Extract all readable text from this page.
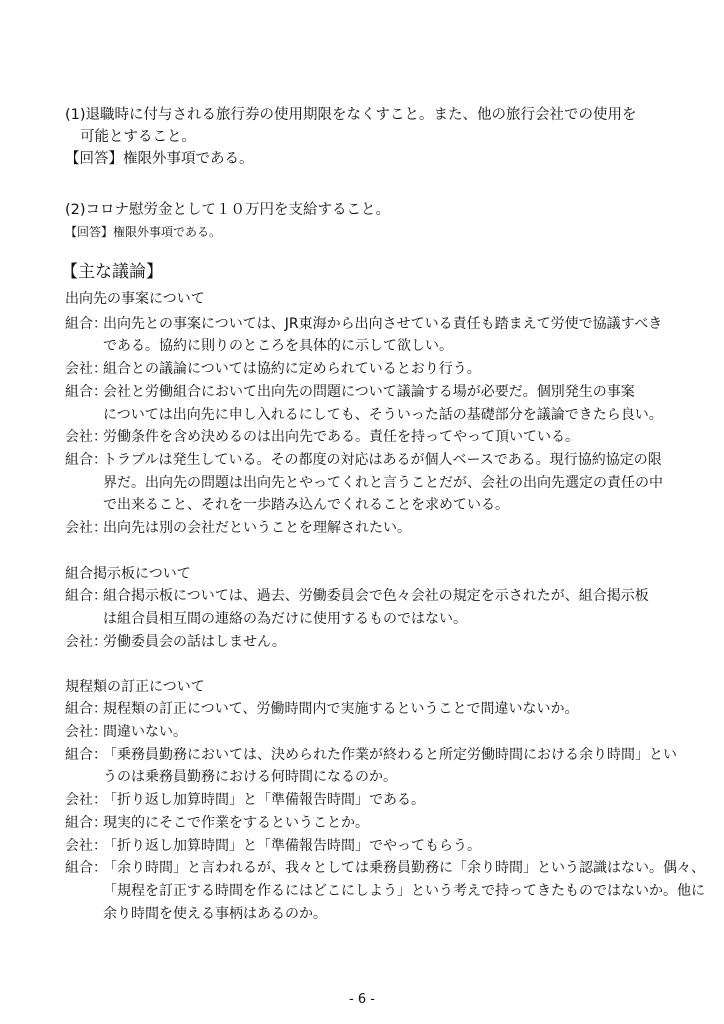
(1)退職時に付与される旅行券の使用期限をなくすこと。また、他の旅行会社での使用を
可能とすること。
【回答】権限外事項である。
(2)コロナ慰労金として１０万円を支給すること。
【回答】権限外事項である。
【主な議論】
出向先の事案について
組合：出向先との事案については、JR東海から出向させている責任も踏まえて労使で協議すべき
である。協約に則りのところを具体的に示して欲しい。
会社：組合との議論については協約に定められているとおり行う。
組合：会社と労働組合において出向先の問題について議論する場が必要だ。個別発生の事案
については出向先に申し入れるにしても、そういった話の基礎部分を議論できたら良い。
会社：労働条件を含め決めるのは出向先である。責任を持ってやって頂いている。
組合：トラブルは発生している。その都度の対応はあるが個人ベースである。現行協約協定の限
界だ。出向先の問題は出向先とやってくれと言うことだが、会社の出向先選定の責任の中
で出来ること、それを一歩踏み込んでくれることを求めている。
会社：出向先は別の会社だということを理解されたい。
組合掲示板について
組合：組合掲示板については、過去、労働委員会で色々会社の規定を示されたが、組合掲示板
は組合員相互間の連絡の為だけに使用するものではない。
会社：労働委員会の話はしません。
規程類の訂正について
組合：規程類の訂正について、労働時間内で実施するということで間違いないか。
会社：間違いない。
組合：「乗務員勤務においては、決められた作業が終わると所定労働時間における余り時間」とい
うのは乗務員勤務における何時間になるのか。
会社：「折り返し加算時間」と「準備報告時間」である。
組合：現実的にそこで作業をするということか。
会社：「折り返し加算時間」と「準備報告時間」でやってもらう。
組合：「余り時間」と言われるが、我々としては乗務員勤務に「余り時間」という認識はない。偶々、
「規程を訂正する時間を作るにはどこにしよう」という考えで持ってきたものではないか。他に
余り時間を使える事柄はあるのか。
- 6 -
